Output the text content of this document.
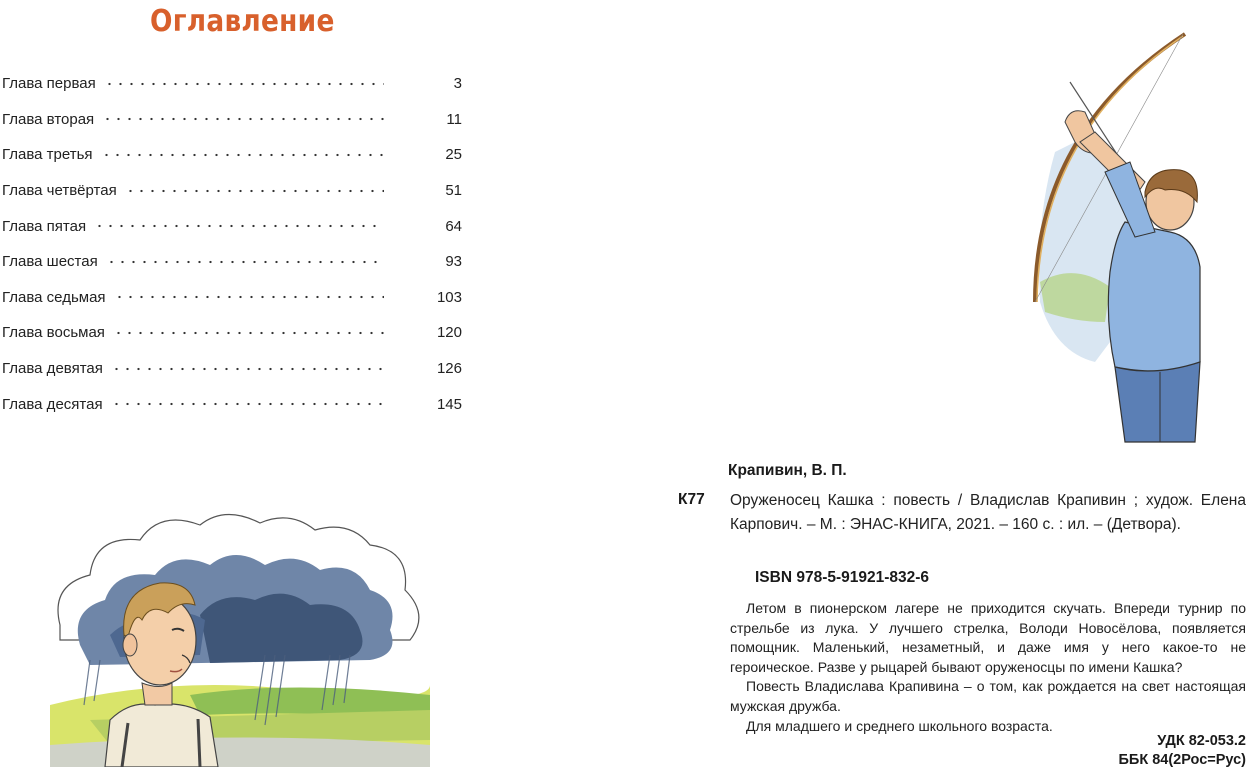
Оглавление
Глава первая	3
Глава вторая	11
Глава третья	25
Глава четвёртая	51
Глава пятая	64
Глава шестая	93
Глава седьмая	103
Глава восьмая	120
Глава девятая	126
Глава десятая	145
Крапивин, В. П.
К77 Оруженосец Кашка : повесть / Владислав Крапивин ; худож. Елена Карпович. – М. : ЭНАС-КНИГА, 2021. – 160 с. : ил. – (Детвора).
ISBN 978-5-91921-832-6

Летом в пионерском лагере не приходится скучать. Впереди турнир по стрельбе из лука. У лучшего стрелка, Володи Новосёлова, появляется помощник. Маленький, незаметный, и даже имя у него какое-то не героическое. Разве у рыцарей бывают оруженосцы по имени Кашка?

Повесть Владислава Крапивина – о том, как рождается на свет настоящая мужская дружба.

Для младшего и среднего школьного возраста.

УДК 82-053.2
ББК 84(2Рос=Рус)
